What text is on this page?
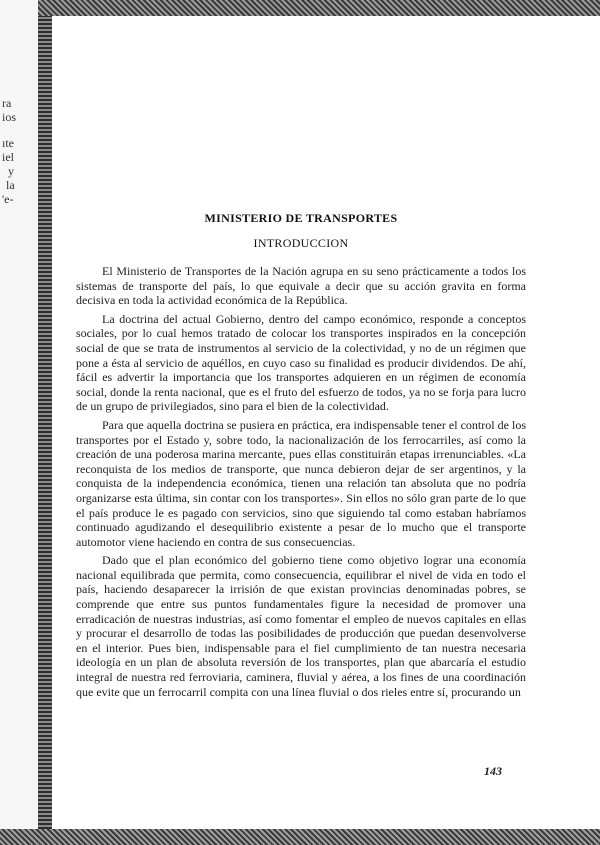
ra
ios
ıte
iel
y
la
'e-
MINISTERIO DE TRANSPORTES
INTRODUCCION

El Ministerio de Transportes de la Nación agrupa en su seno prácticamente a todos los sistemas de transporte del país, lo que equivale a decir que su acción gravita en forma decisiva en toda la actividad económica de la República.

La doctrina del actual Gobierno, dentro del campo económico, responde a conceptos sociales, por lo cual hemos tratado de colocar los transportes inspirados en la concepción social de que se trata de instrumentos al servicio de la colectividad, y no de un régimen que pone a ésta al servicio de aquéllos, en cuyo caso su finalidad es producir dividendos. De ahí, fácil es advertir la importancia que los transportes adquieren en un régimen de economía social, donde la renta nacional, que es el fruto del esfuerzo de todos, ya no se forja para lucro de un grupo de privilegiados, sino para el bien de la colectividad.

Para que aquella doctrina se pusiera en práctica, era indispensable tener el control de los transportes por el Estado y, sobre todo, la nacionalización de los ferrocarriles, así como la creación de una poderosa marina mercante, pues ellas constituirán etapas irrenunciables. «La reconquista de los medios de transporte, que nunca debieron dejar de ser argentinos, y la conquista de la independencia económica, tienen una relación tan absoluta que no podría organizarse esta última, sin contar con los transportes». Sin ellos no sólo gran parte de lo que el país produce le es pagado con servicios, sino que siguiendo tal como estaban habríamos continuado agudizando el desequilibrio existente a pesar de lo mucho que el transporte automotor viene haciendo en contra de sus consecuencias.

Dado que el plan económico del gobierno tiene como objetivo lograr una economía nacional equilibrada que permita, como consecuencia, equilibrar el nivel de vida en todo el país, haciendo desaparecer la irrisión de que existan provincias denominadas pobres, se comprende que entre sus puntos fundamentales figure la necesidad de promover una erradicación de nuestras industrias, así como fomentar el empleo de nuevos capitales en ellas y procurar el desarrollo de todas las posibilidades de producción que puedan desenvolverse en el interior. Pues bien, indispensable para el fiel cumplimiento de tan nuestra necesaria ideología en un plan de absoluta reversión de los transportes, plan que abarcaría el estudio integral de nuestra red ferroviaria, caminera, fluvial y aérea, a los fines de una coordinación que evite que un ferrocarril compita con una línea fluvial o dos rieles entre sí, procurando un

143
